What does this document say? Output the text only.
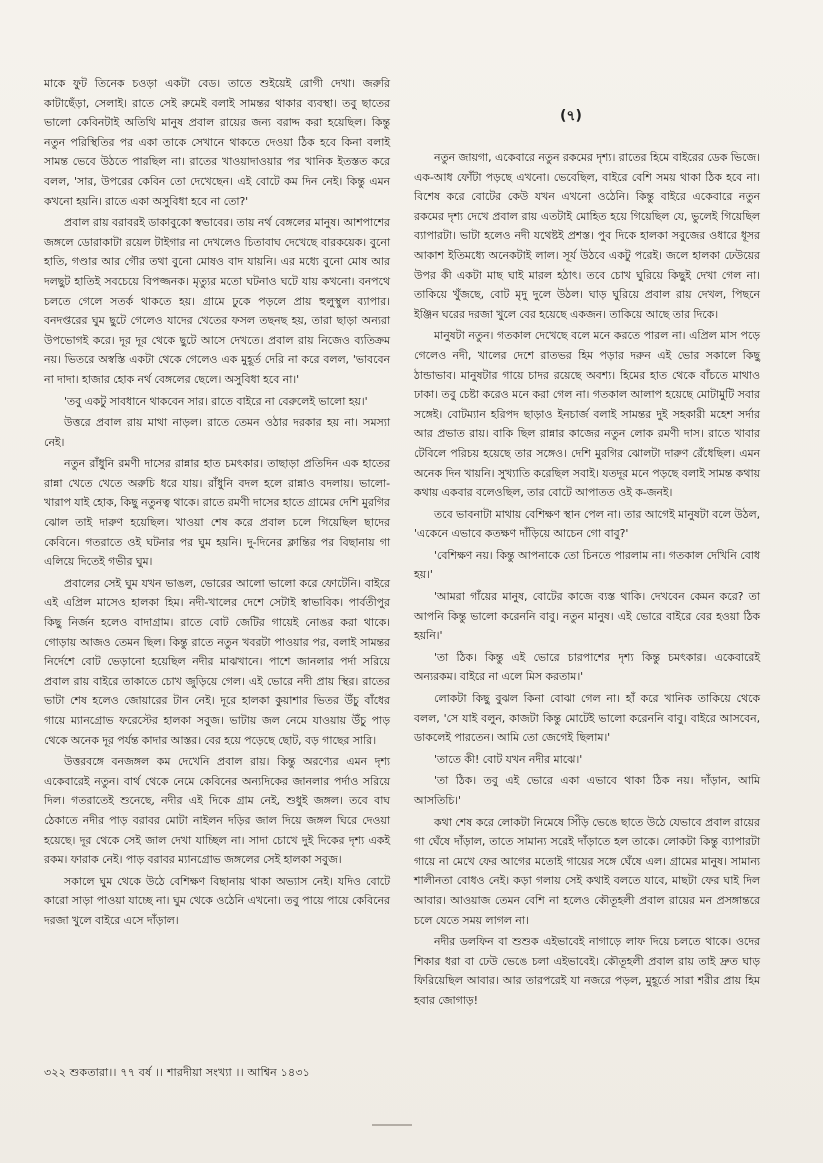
মাকে ফুট তিনেক চওড়া একটা বেড। তাতে শুইয়েই রোগী দেখা। জরুরি কাটাছেঁড়া, সেলাই। রাতে সেই রুমেই বলাই সামন্তর থাকার ব্যবস্থা। তবু ছাতের ভালো কেবিনটাই অতিথি মানুষ প্রবাল রায়ের জন্য বরাদ্দ করা হয়েছিল। কিন্তু নতুন পরিস্থিতির পর একা তাকে সেখানে থাকতে দেওয়া ঠিক হবে কিনা বলাই সামন্ত ভেবে উঠতে পারছিল না। রাতের খাওয়াদাওয়ার পর খানিক ইতস্তত করে বলল, 'সার, উপরের কেবিন তো দেখেছেন। এই বোটে কম দিন নেই। কিন্তু এমন কখনো হয়নি। রাতে একা অসুবিধা হবে না তো?'

প্রবাল রায় বরাবরই ডাকাবুকো স্বভাবের। তায় নর্থ বেঙ্গলের মানুষ। আশপাশের জঙ্গলে ডোরাকাটা রয়েল টাইগার না দেখলেও চিতাবাঘ দেখেছে বারকয়েক। বুনো হাতি, গণ্ডার আর গৌর তথা বুনো মোষও বাদ যায়নি। এর মধ্যে বুনো মোষ আর দলছুট হাতিই সবচেয়ে বিপজ্জনক। মৃত্যুর মতো ঘটনাও ঘটে যায় কখনো। বনপথে চলতে গেলে সতর্ক থাকতে হয়। গ্রামে ঢুকে পড়লে প্রায় হুলুস্থুল ব্যাপার। বনদপ্তরের ঘুম ছুটে গেলেও যাদের খেতের ফসল তছনছ হয়, তারা ছাড়া অন্যরা উপভোগই করে। দূর দূর থেকে ছুটে আসে দেখতে। প্রবাল রায় নিজেও ব্যতিক্রম নয়। ভিতরে অস্বস্তি একটা থেকে গেলেও এক মুহূর্ত দেরি না করে বলল, 'ভাববেন না দাদা। হাজার হোক নর্থ বেঙ্গলের ছেলে। অসুবিধা হবে না।'

'তবু একটু সাবধানে থাকবেন সার। রাতে বাইরে না বেরুলেই ভালো হয়।'

উত্তরে প্রবাল রায় মাথা নাড়ল। রাতে তেমন ওঠার দরকার হয় না। সমস্যা নেই।

নতুন রাঁধুনি রমণী দাসের রান্নার হাত চমৎকার। তাছাড়া প্রতিদিন এক হাতের রান্না খেতে খেতে অরুচি ধরে যায়। রাঁধুনি বদল হলে রান্নাও বদলায়। ভালো-খারাপ যাই হোক, কিছু নতুনত্ব থাকে। রাতে রমণী দাসের হাতে গ্রামের দেশি মুরগির ঝোল তাই দারুণ হয়েছিল। খাওয়া শেষ করে প্রবাল চলে গিয়েছিল ছাদের কেবিনে। গতরাতে ওই ঘটনার পর ঘুম হয়নি। দু-দিনের ক্লান্তির পর বিছানায় গা এলিয়ে দিতেই গভীর ঘুম।

প্রবালের সেই ঘুম যখন ভাঙল, ভোরের আলো ভালো করে ফোটেনি। বাইরে এই এপ্রিল মাসেও হালকা হিম। নদী-খালের দেশে সেটাই স্বাভাবিক। পার্বতীপুর কিছু নির্জন হলেও বাদাগ্রাম। রাতে বোট জেটির গায়েই নোঙর করা থাকে। গোড়ায় আজও তেমন ছিল। কিন্তু রাতে নতুন খবরটা পাওয়ার পর, বলাই সামন্তর নির্দেশে বোট ভেড়ানো হয়েছিল নদীর মাঝখানে। পাশে জানলার পর্দা সরিয়ে প্রবাল রায় বাইরে তাকাতে চোখ জুড়িয়ে গেল। এই ভোরে নদী প্রায় স্থির। রাতের ভাটা শেষ হলেও জোয়ারের টান নেই। দূরে হালকা কুয়াশার ভিতর উঁচু বাঁধের গায়ে ম্যানগ্রোভ ফরেস্টের হালকা সবুজ। ভাটায় জল নেমে যাওয়ায় উঁচু পাড় থেকে অনেক দূর পর্যন্ত কাদার আস্তর। বের হয়ে পড়েছে ছোট, বড় গাছের সারি।

উত্তরবঙ্গে বনজঙ্গল কম দেখেনি প্রবাল রায়। কিন্তু অরণ্যের এমন দৃশ্য একেবারেই নতুন। বার্থ থেকে নেমে কেবিনের অন্যদিকের জানলার পর্দাও সরিয়ে দিল। গতরাতেই শুনেছে, নদীর এই দিকে গ্রাম নেই, শুধুই জঙ্গল। তবে বাঘ ঠেকাতে নদীর পাড় বরাবর মোটা নাইলন দড়ির জাল দিয়ে জঙ্গল ঘিরে দেওয়া হয়েছে। দূর থেকে সেই জাল দেখা যাচ্ছিল না। সাদা চোখে দুই দিকের দৃশ্য একই রকম। ফারাক নেই। পাড় বরাবর ম্যানগ্রোভ জঙ্গলের সেই হালকা সবুজ।

সকালে ঘুম থেকে উঠে বেশিক্ষণ বিছানায় থাকা অভ্যাস নেই। যদিও বোটে কারো সাড়া পাওয়া যাচ্ছে না। ঘুম থেকে ওঠেনি এখনো। তবু পায়ে পায়ে কেবিনের দরজা খুলে বাইরে এসে দাঁড়াল।

(৭)

নতুন জায়গা, একেবারে নতুন রকমের দৃশ্য। রাতের হিমে বাইরের ডেক ভিজে। এক-আধ ফোঁটা পড়ছে এখনো। ভেবেছিল, বাইরে বেশি সময় থাকা ঠিক হবে না। বিশেষ করে বোটের কেউ যখন এখনো ওঠেনি। কিন্তু বাইরে একেবারে নতুন রকমের দৃশ্য দেখে প্রবাল রায় এতটাই মোহিত হয়ে গিয়েছিল যে, ভুলেই গিয়েছিল ব্যাপারটা। ভাটা হলেও নদী যথেষ্টই প্রশস্ত। পুব দিকে হালকা সবুজের ওধারে ধূসর আকাশ ইতিমধ্যে অনেকটাই লাল। সূর্য উঠবে একটু পরেই। জলে হালকা ঢেউয়ের উপর কী একটা মাছ ঘাই মারল হঠাৎ। তবে চোখ ঘুরিয়ে কিছুই দেখা গেল না। তাকিয়ে খুঁজছে, বোট মৃদু দুলে উঠল। ঘাড় ঘুরিয়ে প্রবাল রায় দেখল, পিছনে ইঞ্জিন ঘরের দরজা খুলে বের হয়েছে একজন। তাকিয়ে আছে তার দিকে।

মানুষটা নতুন। গতকাল দেখেছে বলে মনে করতে পারল না। এপ্রিল মাস পড়ে গেলেও নদী, খালের দেশে রাতভর হিম পড়ার দরুন এই ভোর সকালে কিছু ঠান্ডাভাব। মানুষটার গায়ে চাদর রয়েছে অবশ্য। হিমের হাত থেকে বাঁচতে মাথাও ঢাকা। তবু চেষ্টা করেও মনে করা গেল না। গতকাল আলাপ হয়েছে মোটামুটি সবার সঙ্গেই। বোটম্যান হরিপদ ছাড়াও ইনচার্জ বলাই সামন্তর দুই সহকারী মহেশ সর্দার আর প্রভাত রায়। বাকি ছিল রান্নার কাজের নতুন লোক রমণী দাস। রাতে খাবার টেবিলে পরিচয় হয়েছে তার সঙ্গেও। দেশি মুরগির ঝোলটা দারুণ রেঁধেছিল। এমন অনেক দিন খায়নি। সুখ্যাতি করেছিল সবাই। যতদূর মনে পড়ছে বলাই সামন্ত কথায় কথায় একবার বলেওছিল, তার বোটে আপাতত ওই ক-জনই।

তবে ভাবনাটা মাথায় বেশিক্ষণ স্থান পেল না। তার আগেই মানুষটা বলে উঠল, 'একেনে এভাবে কতক্ষণ দাঁড়িয়ে আচেন গো বাবু?'

'বেশিক্ষণ নয়। কিন্তু আপনাকে তো চিনতে পারলাম না। গতকাল দেখিনি বোধ হয়।'

'আমরা গাঁয়ের মানুষ, বোটের কাজে ব্যস্ত থাকি। দেখবেন কেমন করে? তা আপনি কিন্তু ভালো করেননি বাবু। নতুন মানুষ। এই ভোরে বাইরে বের হওয়া ঠিক হয়নি।'

'তা ঠিক। কিন্তু এই ভোরে চারপাশের দৃশ্য কিন্তু চমৎকার। একেবারেই অন্যরকম। বাইরে না এলে মিস করতাম।'

লোকটা কিছু বুঝল কিনা বোঝা গেল না। হাঁ করে খানিক তাকিয়ে থেকে বলল, 'সে যাই বলুন, কাজটা কিন্তু মোটেই ভালো করেননি বাবু। বাইরে আসবেন, ডাকলেই পারতেন। আমি তো জেগেই ছিলাম।'

'তাতে কী! বোট যখন নদীর মাঝে।'

'তা ঠিক। তবু এই ভোরে একা এভাবে থাকা ঠিক নয়। দাঁড়ান, আমি আসতিচি।'

কথা শেষ করে লোকটা নিমেষে সিঁড়ি ভেঙে ছাতে উঠে যেভাবে প্রবাল রায়ের গা ঘেঁষে দাঁড়াল, তাতে সামান্য সরেই দাঁড়াতে হল তাকে। লোকটা কিন্তু ব্যাপারটা গায়ে না মেখে ফের আগের মতোই গায়ের সঙ্গে ঘেঁষে এল। গ্রামের মানুষ। সামান্য শালীনতা বোধও নেই। কড়া গলায় সেই কথাই বলতে যাবে, মাছটা ফের ঘাই দিল আবার। আওয়াজ তেমন বেশি না হলেও কৌতূহলী প্রবাল রায়ের মন প্রসঙ্গান্তরে চলে যেতে সময় লাগল না।

নদীর ডলফিন বা শুশুক এইভাবেই নাগাড়ে লাফ দিয়ে চলতে থাকে। ওদের শিকার ধরা বা ঢেউ ভেঙে চলা এইভাবেই। কৌতূহলী প্রবাল রায় তাই দ্রুত ঘাড় ফিরিয়েছিল আবার। আর তারপরেই যা নজরে পড়ল, মুহূর্তে সারা শরীর প্রায় হিম হবার জোগাড়!

৩২২ শুকতারা।। ৭৭ বর্ষ ।। শারদীয়া সংখ্যা ।। আশ্বিন ১৪৩১
